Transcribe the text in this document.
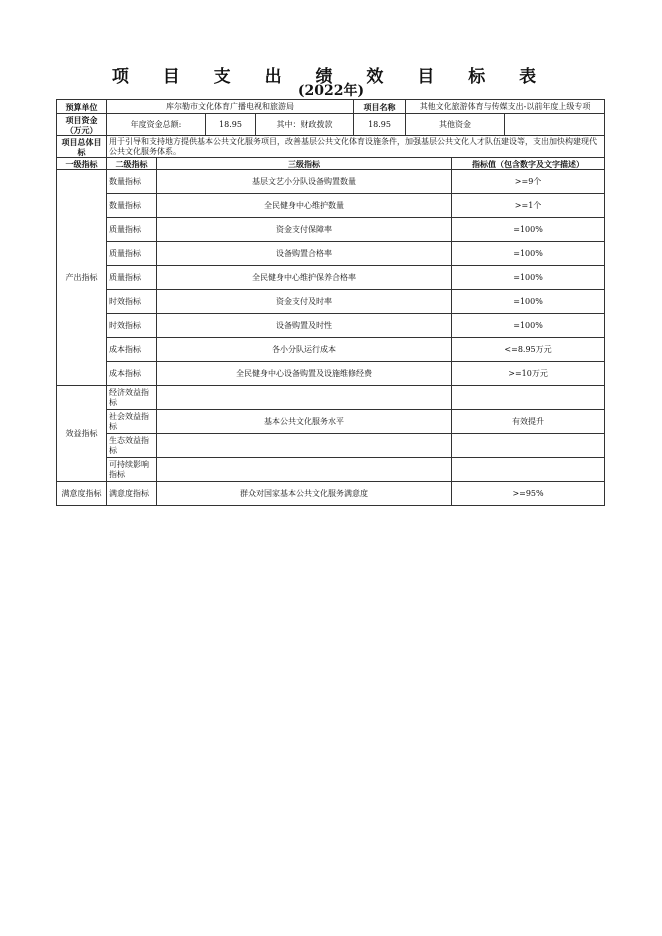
项 目 支 出 绩 效 目 标 表
(2022年)
预算单位	库尔勒市文化体育广播电视和旅游局				项目名称	其他文化旅游体育与传媒支出-以前年度上级专项		
项目资金（万元）	年度资金总额:		18.95	其中：财政拨款	18.95	其他资金		
项目总体目标	用于引导和支持地方提供基本公共文化服务项目，改善基层公共文化体育设施条件，加强基层公共文化人才队伍建设等，支出加快构建现代公共文化服务体系。							
一级指标	二级指标	三级指标					指标值（包含数字及文字描述）	
产出指标	数量指标	基层文艺小分队设备购置数量					>=9个	
	数量指标	全民健身中心维护数量					>=1个	
	质量指标	资金支付保障率					=100%	
	质量指标	设备购置合格率					=100%	
	质量指标	全民健身中心维护保养合格率					=100%	
	时效指标	资金支付及时率					=100%	
	时效指标	设备购置及时性					=100%	
	成本指标	各小分队运行成本					<=8.95万元	
	成本指标	全民健身中心设备购置及设施维修经费					>=10万元	
效益指标	经济效益指标							
	社会效益指标	基本公共文化服务水平					有效提升	
	生态效益指标							
	可持续影响指标							
满意度指标	满意度指标	群众对国家基本公共文化服务满意度					>=95%	
